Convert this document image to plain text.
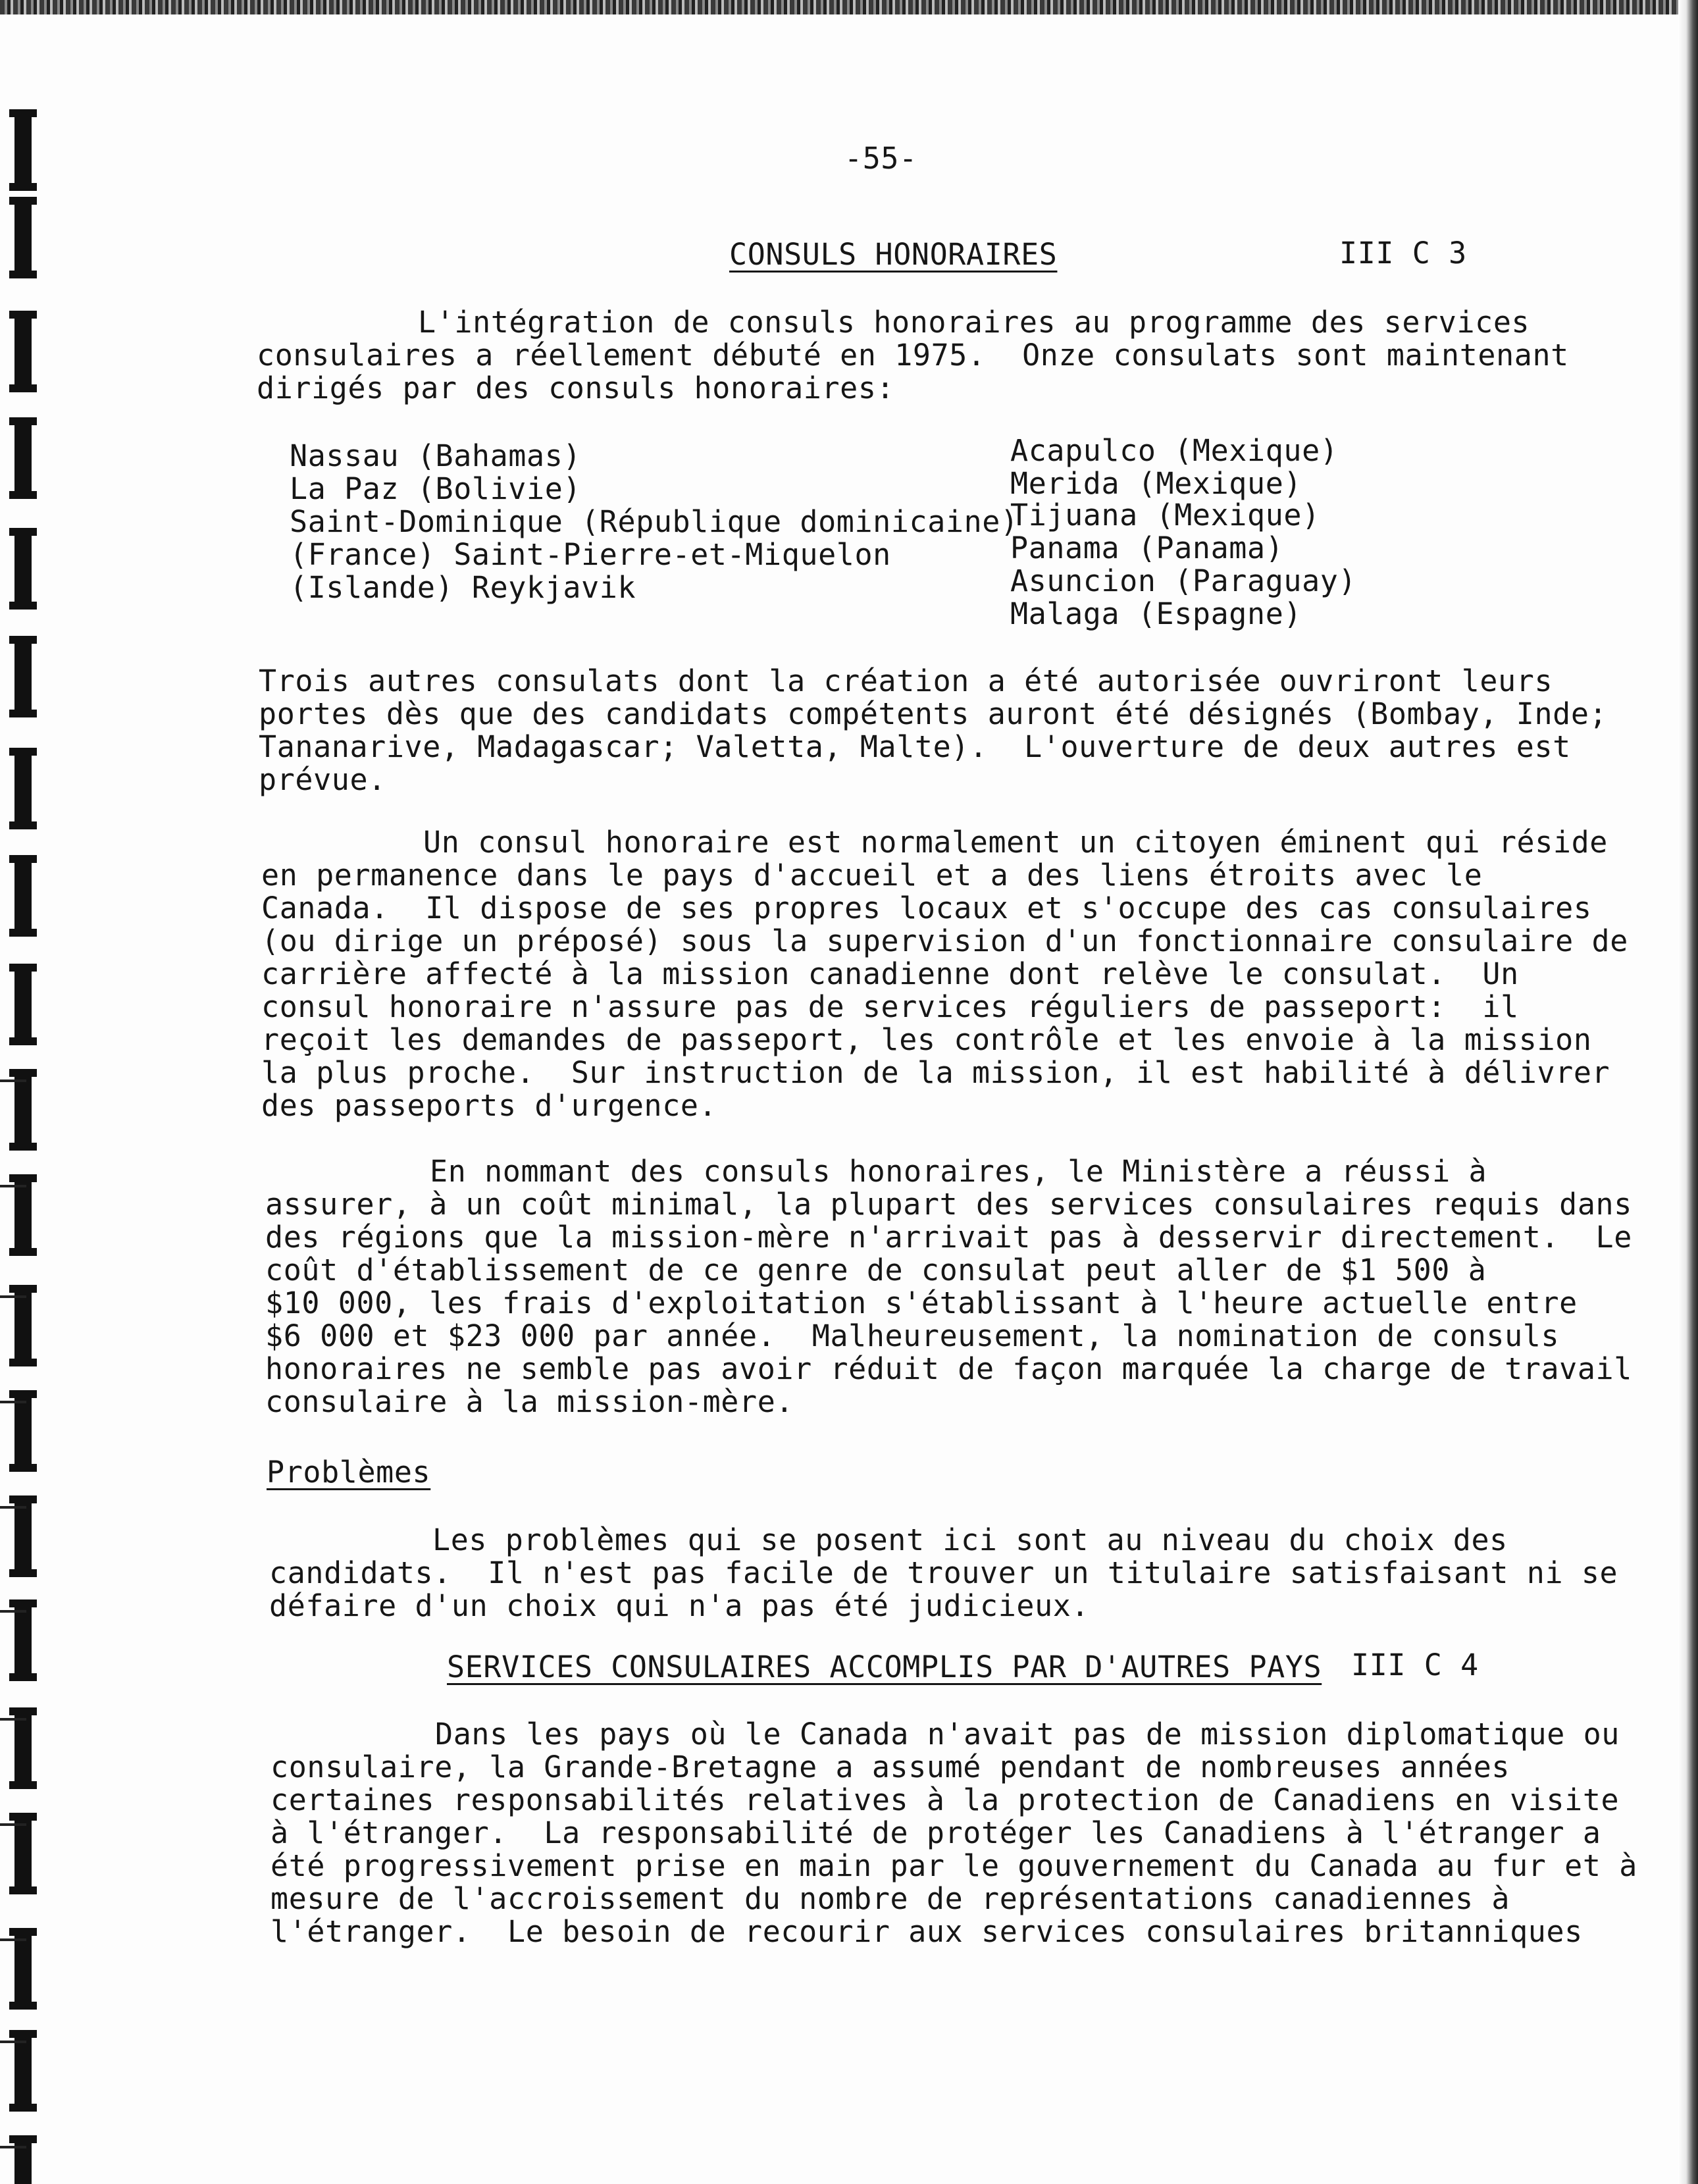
-55-
CONSULS HONORAIRES	III C 3
L'intégration de consuls honoraires au programme des services
consulaires a réellement débuté en 1975.  Onze consulats sont maintenant
dirigés par des consuls honoraires:
Nassau (Bahamas)
La Paz (Bolivie)
Saint-Dominique (République dominicaine)
(France) Saint-Pierre-et-Miquelon
(Islande) Reykjavik
Acapulco (Mexique)
Merida (Mexique)
Tijuana (Mexique)
Panama (Panama)
Asuncion (Paraguay)
Malaga (Espagne)
Trois autres consulats dont la création a été autorisée ouvriront leurs
portes dès que des candidats compétents auront été désignés (Bombay, Inde;
Tananarive, Madagascar; Valetta, Malte).  L'ouverture de deux autres est
prévue.
Un consul honoraire est normalement un citoyen éminent qui réside
en permanence dans le pays d'accueil et a des liens étroits avec le
Canada.  Il dispose de ses propres locaux et s'occupe des cas consulaires
(ou dirige un préposé) sous la supervision d'un fonctionnaire consulaire de
carrière affecté à la mission canadienne dont relève le consulat.  Un
consul honoraire n'assure pas de services réguliers de passeport:  il
reçoit les demandes de passeport, les contrôle et les envoie à la mission
la plus proche.  Sur instruction de la mission, il est habilité à délivrer
des passeports d'urgence.
En nommant des consuls honoraires, le Ministère a réussi à
assurer, à un coût minimal, la plupart des services consulaires requis dans
des régions que la mission-mère n'arrivait pas à desservir directement.  Le
coût d'établissement de ce genre de consulat peut aller de $1 500 à
$10 000, les frais d'exploitation s'établissant à l'heure actuelle entre
$6 000 et $23 000 par année.  Malheureusement, la nomination de consuls
honoraires ne semble pas avoir réduit de façon marquée la charge de travail
consulaire à la mission-mère.
Problèmes
Les problèmes qui se posent ici sont au niveau du choix des
candidats.  Il n'est pas facile de trouver un titulaire satisfaisant ni se
défaire d'un choix qui n'a pas été judicieux.
SERVICES CONSULAIRES ACCOMPLIS PAR D'AUTRES PAYS III C 4
Dans les pays où le Canada n'avait pas de mission diplomatique ou
consulaire, la Grande-Bretagne a assumé pendant de nombreuses années
certaines responsabilités relatives à la protection de Canadiens en visite
à l'étranger.  La responsabilité de protéger les Canadiens à l'étranger a
été progressivement prise en main par le gouvernement du Canada au fur et à
mesure de l'accroissement du nombre de représentations canadiennes à
l'étranger.  Le besoin de recourir aux services consulaires britanniques
